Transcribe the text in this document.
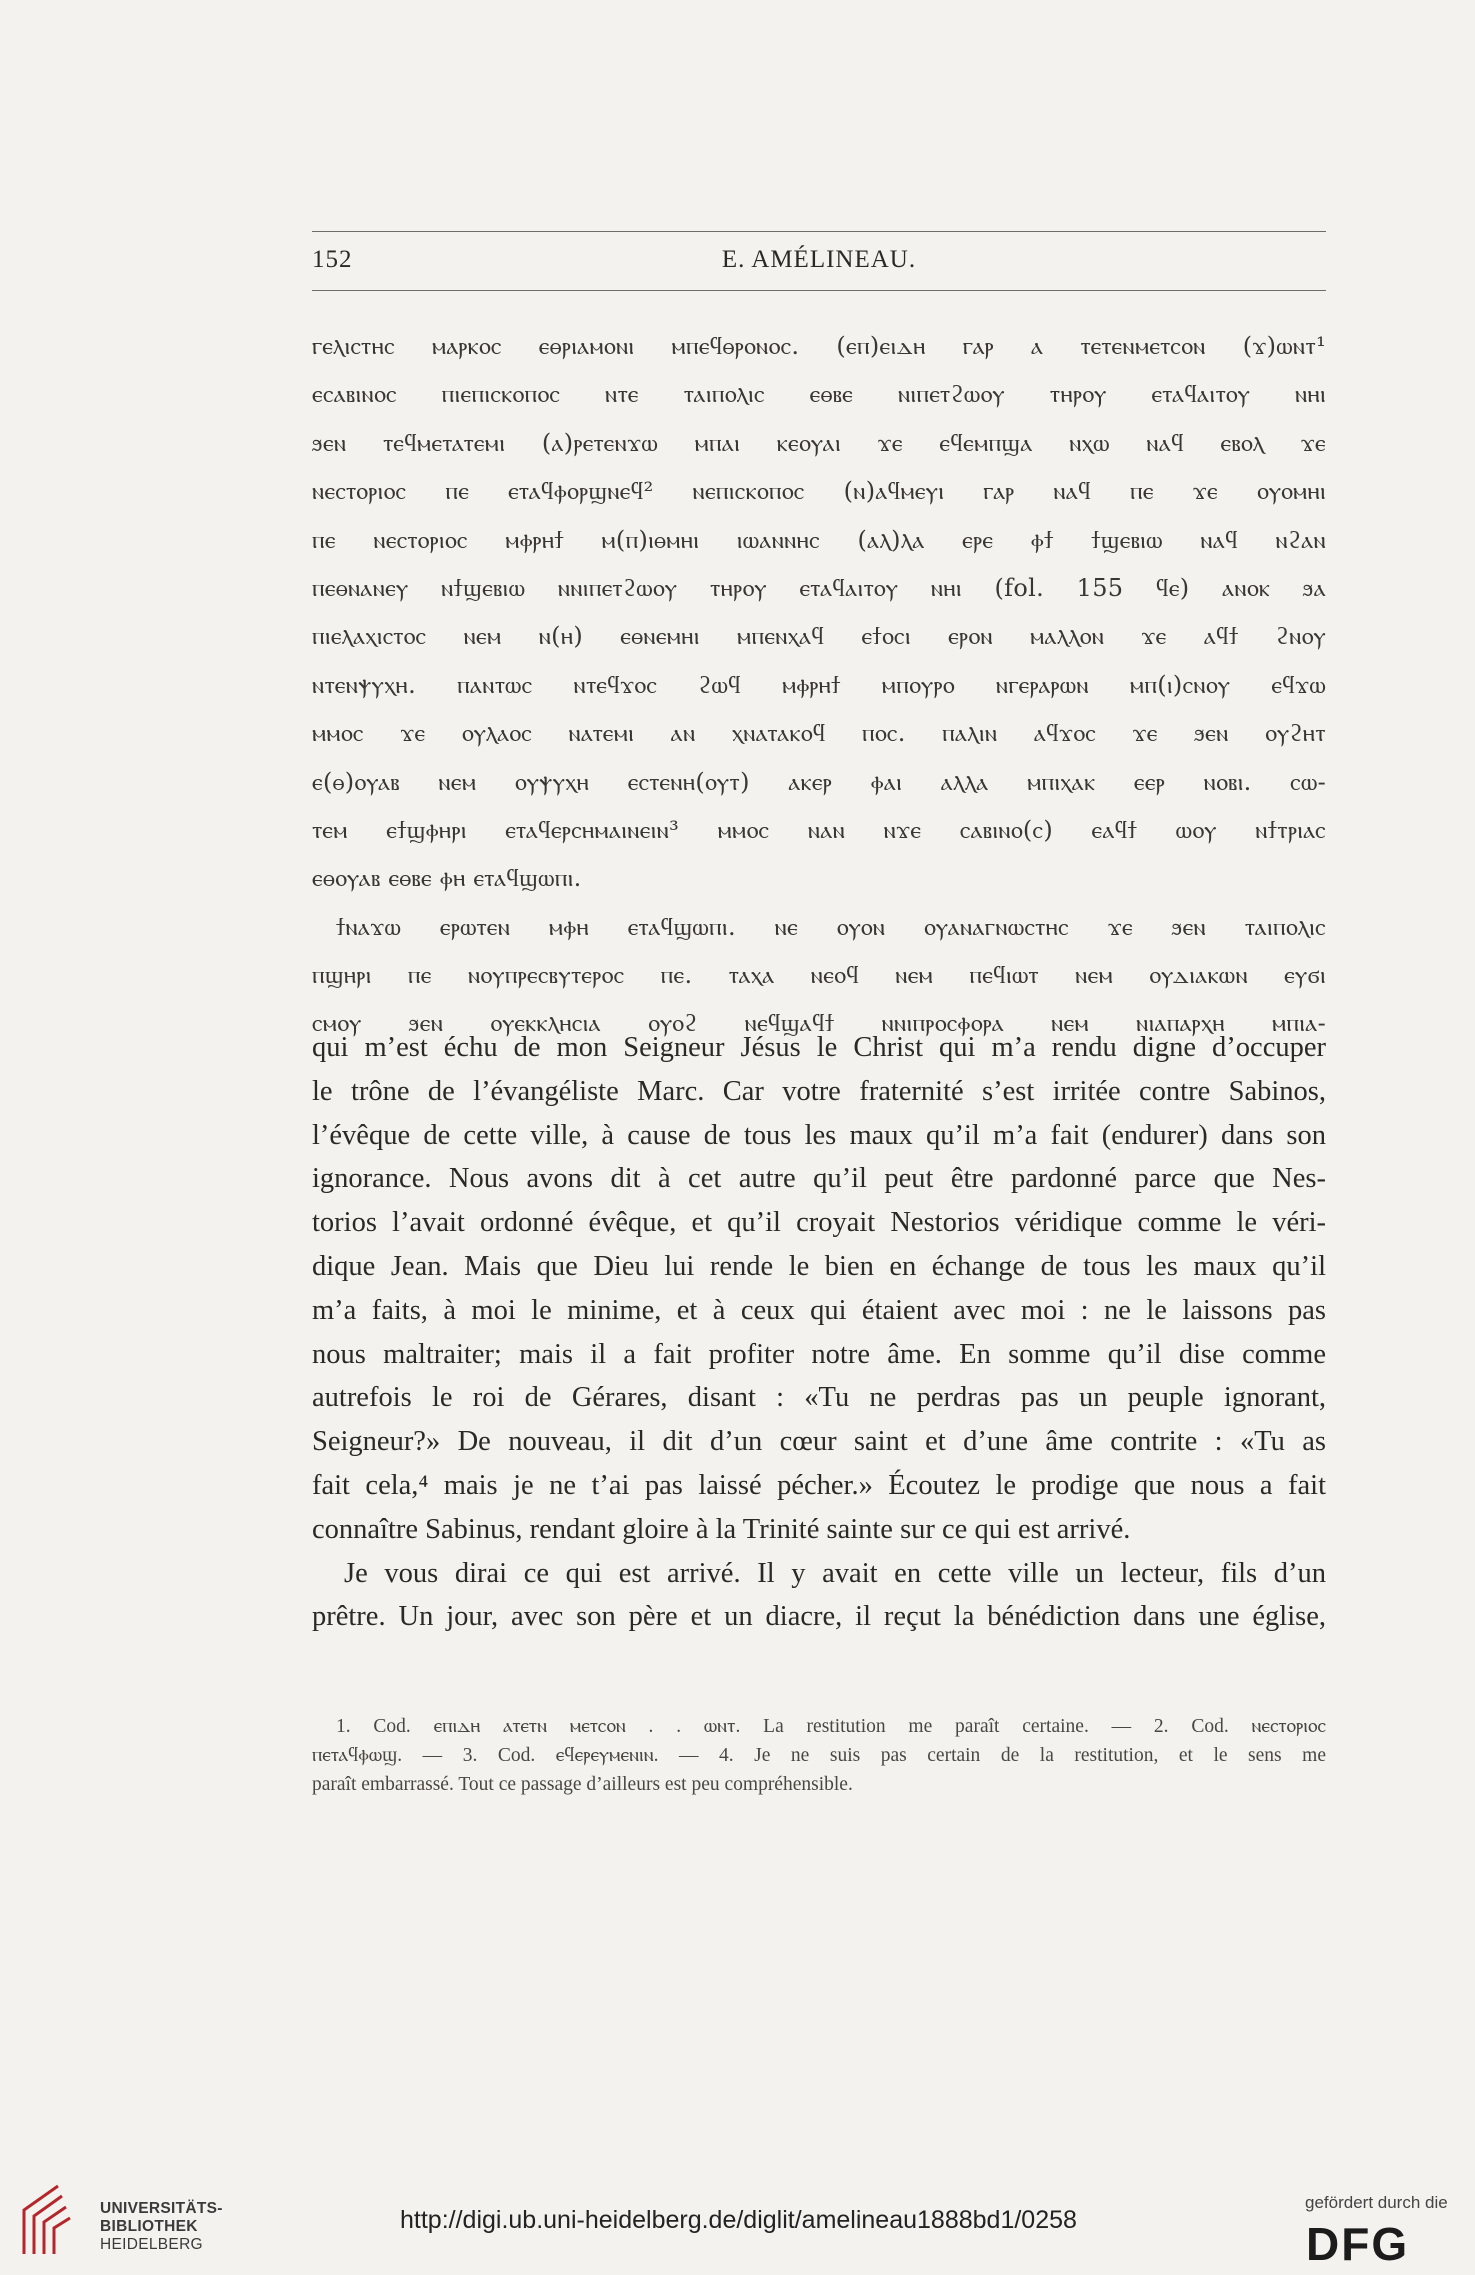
152	E. AMÉLINEAU.
ⲅⲉⲗⲓⲥⲧⲏⲥ ⲙⲁⲣⲕⲟⲥ ⲉⲑⲣⲓⲁⲙⲟⲛⲓ ⲙⲡⲉϥⲑⲣⲟⲛⲟⲥ. (ⲉⲡ)ⲉⲓⲇⲏ ⲅⲁⲣ ⲁ ⲧⲉⲧⲉⲛⲙⲉⲧⲥⲟⲛ (ϫ)ⲱⲛⲧ¹
ⲉⲥⲁⲃⲓⲛⲟⲥ ⲡⲓⲉⲡⲓⲥⲕⲟⲡⲟⲥ ⲛⲧⲉ ⲧⲁⲓⲡⲟⲗⲓⲥ ⲉⲑⲃⲉ ⲛⲓⲡⲉⲧϩⲱⲟⲩ ⲧⲏⲣⲟⲩ ⲉⲧⲁϥⲁⲓⲧⲟⲩ ⲛⲏⲓ
ϧⲉⲛ ⲧⲉϥⲙⲉⲧⲁⲧⲉⲙⲓ (ⲁ)ⲣⲉⲧⲉⲛϫⲱ ⲙⲡⲁⲓ ⲕⲉⲟⲩⲁⲓ ϫⲉ ⲉϥⲉⲙⲡϣⲁ ⲛⲭⲱ ⲛⲁϥ ⲉⲃⲟⲗ ϫⲉ
ⲛⲉⲥⲧⲟⲣⲓⲟⲥ ⲡⲉ ⲉⲧⲁϥⲫⲟⲣϣⲛⲉϥ² ⲛⲉⲡⲓⲥⲕⲟⲡⲟⲥ (ⲛ)ⲁϥⲙⲉⲩⲓ ⲅⲁⲣ ⲛⲁϥ ⲡⲉ ϫⲉ ⲟⲩⲟⲙⲏⲓ
ⲡⲉ ⲛⲉⲥⲧⲟⲣⲓⲟⲥ ⲙⲫⲣⲏϯ ⲙ(ⲡ)ⲓⲑⲙⲏⲓ ⲓⲱⲁⲛⲛⲏⲥ (ⲁⲗ)ⲗⲁ ⲉⲣⲉ ⲫϯ ϯϣⲉⲃⲓⲱ ⲛⲁϥ ⲛϩⲁⲛ
ⲡⲉⲑⲛⲁⲛⲉⲩ ⲛϯϣⲉⲃⲓⲱ ⲛⲛⲓⲡⲉⲧϩⲱⲟⲩ ⲧⲏⲣⲟⲩ ⲉⲧⲁϥⲁⲓⲧⲟⲩ ⲛⲏⲓ (fol. 155 ϥⲉ) ⲁⲛⲟⲕ ϧⲁ
ⲡⲓⲉⲗⲁⲭⲓⲥⲧⲟⲥ ⲛⲉⲙ ⲛ(ⲏ) ⲉⲑⲛⲉⲙⲏⲓ ⲙⲡⲉⲛⲭⲁϥ ⲉϯⲟⲥⲓ ⲉⲣⲟⲛ ⲙⲁⲗⲗⲟⲛ ϫⲉ ⲁϥϯ ϩⲛⲟⲩ
ⲛⲧⲉⲛⲯⲩⲭⲏ. ⲡⲁⲛⲧⲱⲥ ⲛⲧⲉϥϫⲟⲥ ϩⲱϥ ⲙⲫⲣⲏϯ ⲙⲡⲟⲩⲣⲟ ⲛⲅⲉⲣⲁⲣⲱⲛ ⲙⲡ(ⲓ)ⲥⲛⲟⲩ ⲉϥϫⲱ
ⲙⲙⲟⲥ ϫⲉ ⲟⲩⲗⲁⲟⲥ ⲛⲁⲧⲉⲙⲓ ⲁⲛ ⲭⲛⲁⲧⲁⲕⲟϥ ⲡⲟⲥ. ⲡⲁⲗⲓⲛ ⲁϥϫⲟⲥ ϫⲉ ϧⲉⲛ ⲟⲩϩⲏⲧ
ⲉ(ⲑ)ⲟⲩⲁⲃ ⲛⲉⲙ ⲟⲩⲯⲩⲭⲏ ⲉⲥⲧⲉⲛⲏ(ⲟⲩⲧ) ⲁⲕⲉⲣ ⲫⲁⲓ ⲁⲗⲗⲁ ⲙⲡⲓⲭⲁⲕ ⲉⲉⲣ ⲛⲟⲃⲓ. ⲥⲱ-
ⲧⲉⲙ ⲉϯϣⲫⲏⲣⲓ ⲉⲧⲁϥⲉⲣⲥⲏⲙⲁⲓⲛⲉⲓⲛ³ ⲙⲙⲟⲥ ⲛⲁⲛ ⲛϫⲉ ⲥⲁⲃⲓⲛⲟ(ⲥ) ⲉⲁϥϯ ⲱⲟⲩ ⲛϯⲧⲣⲓⲁⲥ
ⲉⲑⲟⲩⲁⲃ ⲉⲑⲃⲉ ⲫⲏ ⲉⲧⲁϥϣⲱⲡⲓ.
ϯⲛⲁϫⲱ ⲉⲣⲱⲧⲉⲛ ⲙⲫⲏ ⲉⲧⲁϥϣⲱⲡⲓ. ⲛⲉ ⲟⲩⲟⲛ ⲟⲩⲁⲛⲁⲅⲛⲱⲥⲧⲏⲥ ϫⲉ ϧⲉⲛ ⲧⲁⲓⲡⲟⲗⲓⲥ
ⲡϣⲏⲣⲓ ⲡⲉ ⲛⲟⲩⲡⲣⲉⲥⲃⲩⲧⲉⲣⲟⲥ ⲡⲉ. ⲧⲁⲭⲁ ⲛⲉⲟϥ ⲛⲉⲙ ⲡⲉϥⲓⲱⲧ ⲛⲉⲙ ⲟⲩⲇⲓⲁⲕⲱⲛ ⲉⲩϭⲓ
ⲥⲙⲟⲩ ϧⲉⲛ ⲟⲩⲉⲕⲕⲗⲏⲥⲓⲁ ⲟⲩⲟϩ ⲛⲉϥϣⲁϥϯ ⲛⲛⲓⲡⲣⲟⲥⲫⲟⲣⲁ ⲛⲉⲙ ⲛⲓⲁⲡⲁⲣⲭⲏ ⲙⲡⲓⲁ-
qui m’est échu de mon Seigneur Jésus le Christ qui m’a rendu digne d’occuper
le trône de l’évangéliste Marc. Car votre fraternité s’est irritée contre Sabinos,
l’évêque de cette ville, à cause de tous les maux qu’il m’a fait (endurer) dans son
ignorance. Nous avons dit à cet autre qu’il peut être pardonné parce que Nes-
torios l’avait ordonné évêque, et qu’il croyait Nestorios véridique comme le véri-
dique Jean. Mais que Dieu lui rende le bien en échange de tous les maux qu’il
m’a faits, à moi le minime, et à ceux qui étaient avec moi : ne le laissons pas
nous maltraiter; mais il a fait profiter notre âme. En somme qu’il dise comme
autrefois le roi de Gérares, disant : «Tu ne perdras pas un peuple ignorant,
Seigneur?» De nouveau, il dit d’un cœur saint et d’une âme contrite : «Tu as
fait cela,⁴ mais je ne t’ai pas laissé pécher.» Écoutez le prodige que nous a fait
connaître Sabinus, rendant gloire à la Trinité sainte sur ce qui est arrivé.
Je vous dirai ce qui est arrivé. Il y avait en cette ville un lecteur, fils d’un
prêtre. Un jour, avec son père et un diacre, il reçut la bénédiction dans une église,
1. Cod. ⲉⲡⲓⲇⲏ ⲁⲧⲉⲧⲛ ⲙⲉⲧⲥⲟⲛ . . ⲱⲛⲧ. La restitution me paraît certaine. — 2. Cod. ⲛⲉⲥⲧⲟⲣⲓⲟⲥ
ⲡⲉⲧⲁϥⲫⲱϣ. — 3. Cod. ⲉϥⲉⲣⲉⲩⲙⲉⲛⲓⲛ. — 4. Je ne suis pas certain de la restitution, et le sens me
paraît embarrassé. Tout ce passage d’ailleurs est peu compréhensible.
UNIVERSITÄTS-
BIBLIOTHEK
HEIDELBERG
http://digi.ub.uni-heidelberg.de/diglit/amelineau1888bd1/0258
gefördert durch die
DFG
